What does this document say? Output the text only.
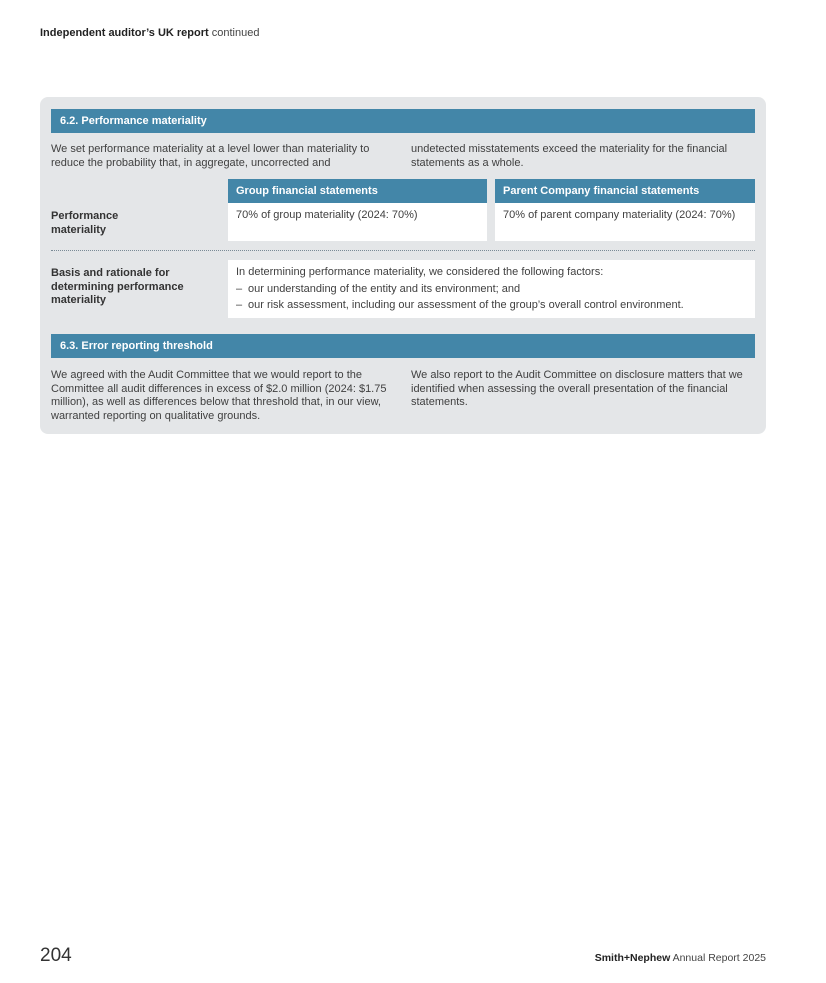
Independent auditor’s UK report continued
6.2. Performance materiality
We set performance materiality at a level lower than materiality to reduce the probability that, in aggregate, uncorrected and
undetected misstatements exceed the materiality for the financial statements as a whole.
Group financial statements	Parent Company financial statements
Performance materiality
70% of group materiality (2024: 70%)	70% of parent company materiality (2024: 70%)
Basis and rationale for determining performance materiality
In determining performance materiality, we considered the following factors:
– our understanding of the entity and its environment; and
– our risk assessment, including our assessment of the group’s overall control environment.
6.3. Error reporting threshold
We agreed with the Audit Committee that we would report to the Committee all audit differences in excess of $2.0 million (2024: $1.75 million), as well as differences below that threshold that, in our view, warranted reporting on qualitative grounds.
We also report to the Audit Committee on disclosure matters that we identified when assessing the overall presentation of the financial statements.
204	Smith+Nephew Annual Report 2025
